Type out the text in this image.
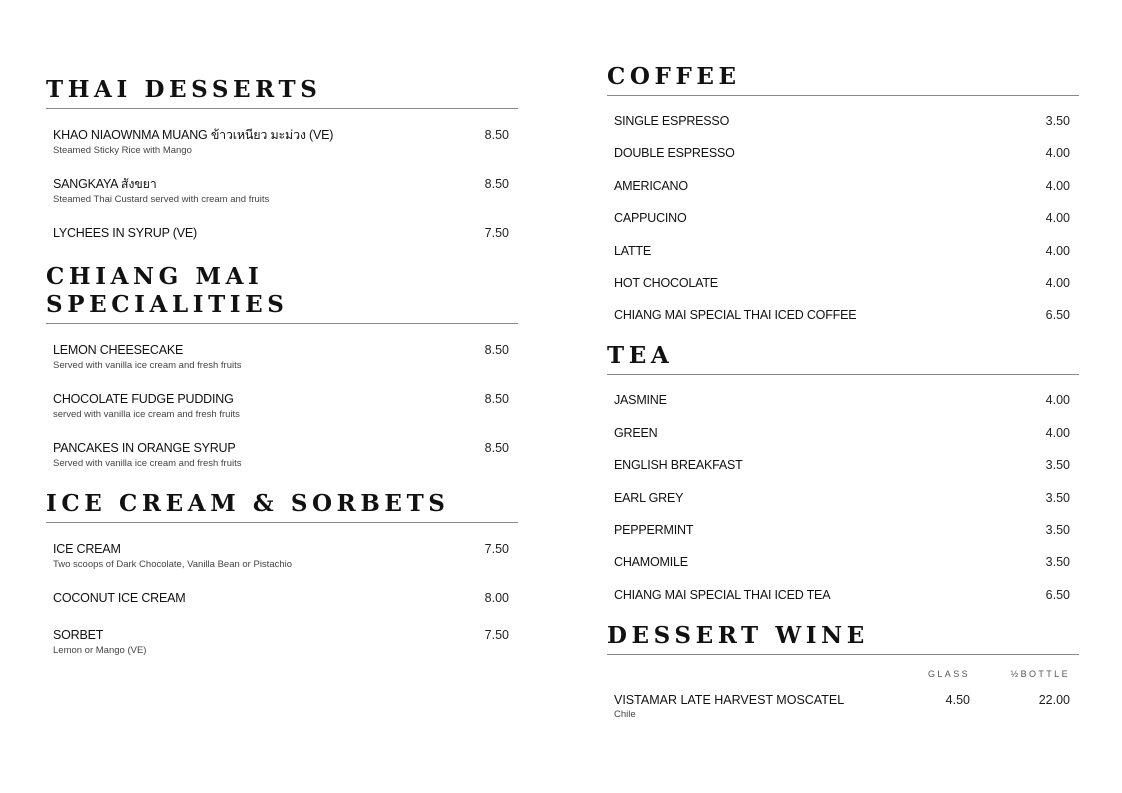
THAI DESSERTS
KHAO NIAOWNMA MUANG ข้าวเหนียว มะม่วง (VE)
Steamed Sticky Rice with Mango
8.50
SANGKAYA สังขยา
Steamed Thai Custard served with cream and fruits
8.50
LYCHEES IN SYRUP (VE)	7.50
CHIANG MAI SPECIALITIES
LEMON CHEESECAKE
Served with vanilla ice cream and fresh fruits
8.50
CHOCOLATE FUDGE PUDDING
served with vanilla ice cream and fresh fruits
8.50
PANCAKES IN ORANGE SYRUP
Served with vanilla ice cream and fresh fruits
8.50
ICE CREAM & SORBETS
ICE CREAM
Two scoops of Dark Chocolate, Vanilla Bean or Pistachio
7.50
COCONUT ICE CREAM	8.00
SORBET
Lemon or Mango (VE)
7.50
COFFEE
SINGLE ESPRESSO	3.50
DOUBLE ESPRESSO	4.00
AMERICANO	4.00
CAPPUCINO	4.00
LATTE	4.00
HOT CHOCOLATE	4.00
CHIANG MAI SPECIAL THAI ICED COFFEE	6.50
TEA
JASMINE	4.00
GREEN	4.00
ENGLISH BREAKFAST	3.50
EARL GREY	3.50
PEPPERMINT	3.50
CHAMOMILE	3.50
CHIANG MAI SPECIAL THAI ICED TEA	6.50
DESSERT WINE
GLASS	½BOTTLE
VISTAMAR LATE HARVEST MOSCATEL
Chile
4.50	22.00
